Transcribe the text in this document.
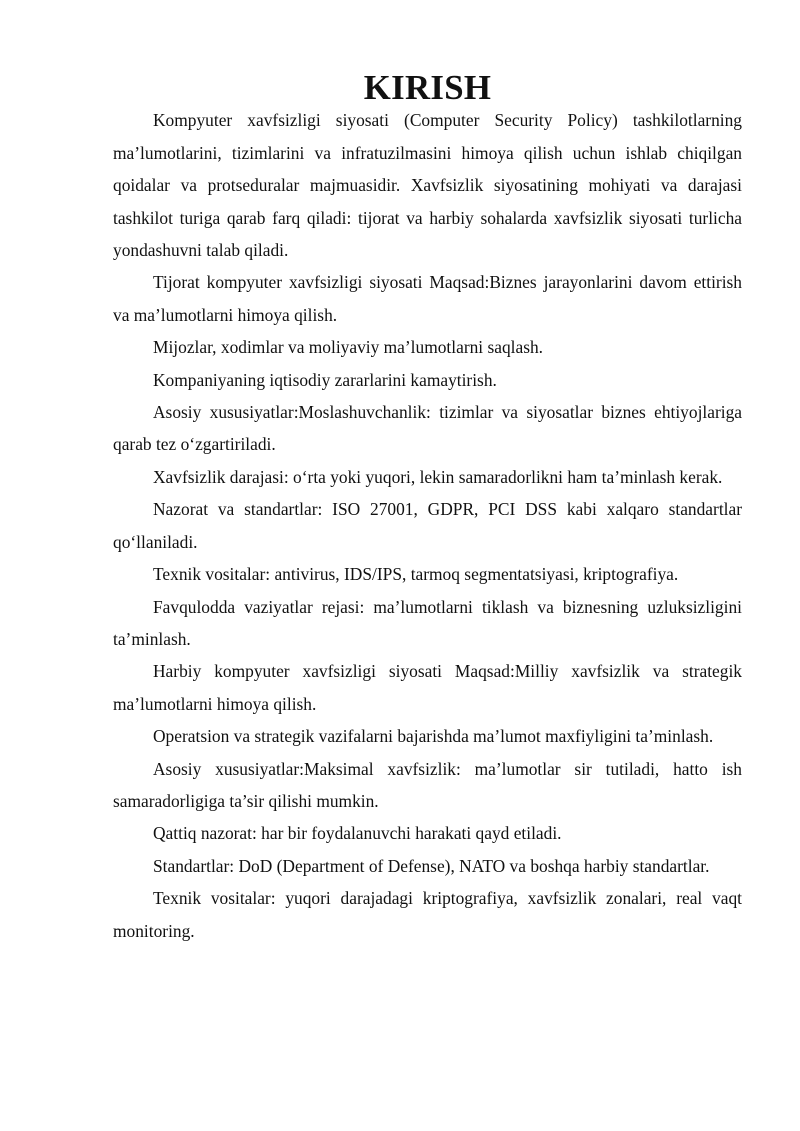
KIRISH

Kompyuter xavfsizligi siyosati (Computer Security Policy) tashkilotlarning ma’lumotlarini, tizimlarini va infratuzilmasini himoya qilish uchun ishlab chiqilgan qoidalar va protseduralar majmuasidir. Xavfsizlik siyosatining mohiyati va darajasi tashkilot turiga qarab farq qiladi: tijorat va harbiy sohalarda xavfsizlik siyosati turlicha yondashuvni talab qiladi.

Tijorat kompyuter xavfsizligi siyosati Maqsad:Biznes jarayonlarini davom ettirish va ma’lumotlarni himoya qilish.

Mijozlar, xodimlar va moliyaviy ma’lumotlarni saqlash.

Kompaniyaning iqtisodiy zararlarini kamaytirish.

Asosiy xususiyatlar:Moslashuvchanlik: tizimlar va siyosatlar biznes ehtiyojlariga qarab tez o‘zgartiriladi.

Xavfsizlik darajasi: o‘rta yoki yuqori, lekin samaradorlikni ham ta’minlash kerak.

Nazorat va standartlar: ISO 27001, GDPR, PCI DSS kabi xalqaro standartlar qo‘llaniladi.

Texnik vositalar: antivirus, IDS/IPS, tarmoq segmentatsiyasi, kriptografiya.

Favqulodda vaziyatlar rejasi: ma’lumotlarni tiklash va biznesning uzluksizligini ta’minlash.

Harbiy kompyuter xavfsizligi siyosati Maqsad:Milliy xavfsizlik va strategik ma’lumotlarni himoya qilish.

Operatsion va strategik vazifalarni bajarishda ma’lumot maxfiyligini ta’minlash.

Asosiy xususiyatlar:Maksimal xavfsizlik: ma’lumotlar sir tutiladi, hatto ish samaradorligiga ta’sir qilishi mumkin.

Qattiq nazorat: har bir foydalanuvchi harakati qayd etiladi.

Standartlar: DoD (Department of Defense), NATO va boshqa harbiy standartlar.

Texnik vositalar: yuqori darajadagi kriptografiya, xavfsizlik zonalari, real vaqt monitoring.
